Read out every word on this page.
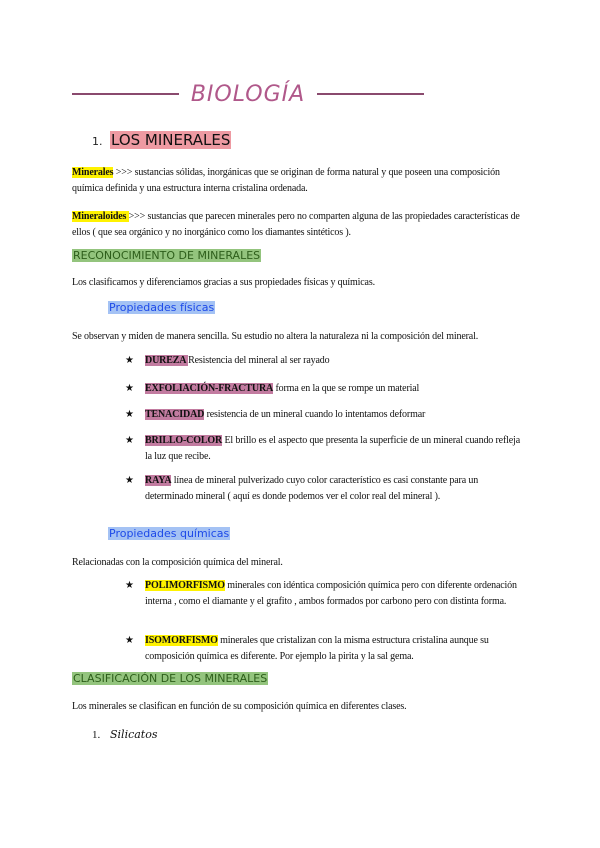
BIOLOGÍA
1. LOS MINERALES
Minerales >>> sustancias sólidas, inorgánicas que se originan de forma natural y que poseen una composición química definida y una estructura interna cristalina ordenada.
Mineraloides >>> sustancias que parecen minerales pero no comparten alguna de las propiedades características de ellos ( que sea orgánico y no inorgánico como los diamantes sintéticos ).
RECONOCIMIENTO DE MINERALES
Los clasificamos y diferenciamos gracias a sus propiedades físicas y químicas.
Propiedades físicas
Se observan y miden de manera sencilla. Su estudio no altera la naturaleza ni la composición del mineral.
★	DUREZA Resistencia del mineral al ser rayado
★	EXFOLIACIÓN-FRACTURA forma en la que se rompe un material
★	TENACIDAD resistencia de un mineral cuando lo intentamos deformar
★	BRILLO-COLOR El brillo es el aspecto que presenta la superficie de un mineral cuando refleja la luz que recibe.
★	RAYA línea de mineral pulverizado cuyo color característico es casi constante para un determinado mineral ( aquí es donde podemos ver el color real del mineral ).
Propiedades químicas
Relacionadas con la composición química del mineral.
★	POLIMORFISMO minerales con idéntica composición química pero con diferente ordenación interna , como el diamante y el grafito , ambos formados por carbono pero con distinta forma.
★	ISOMORFISMO minerales que cristalizan con la misma estructura cristalina aunque su composición química es diferente. Por ejemplo la pirita y la sal gema.
CLASIFICACIÓN DE LOS MINERALES
Los minerales se clasifican en función de su composición química en diferentes clases.
1. Silicatos
